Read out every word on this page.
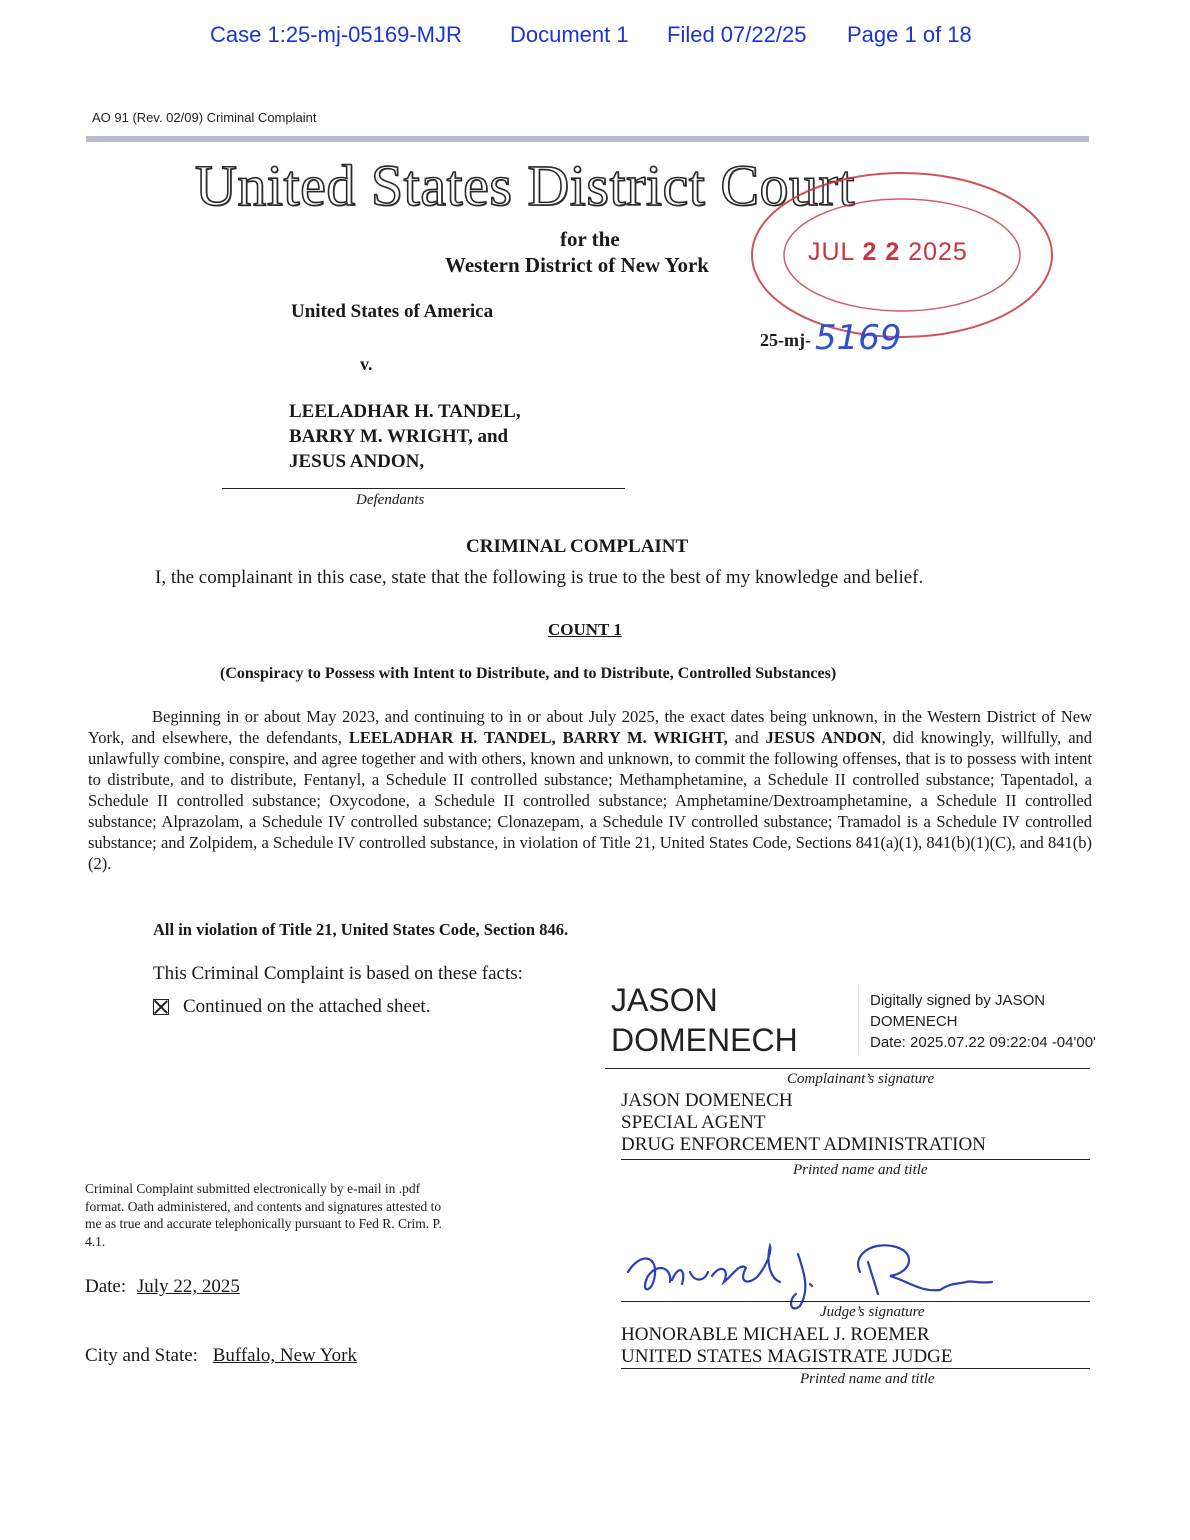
Case 1:25-mj-05169-MJR Document 1 Filed 07/22/25 Page 1 of 18
AO 91 (Rev. 02/09) Criminal Complaint
United States District Court
for the
Western District of New York	JUL 2 2 2025
United States of America
v.
25-mj- 5169
LEELADHAR H. TANDEL,
BARRY M. WRIGHT, and
JESUS ANDON,
Defendants
CRIMINAL COMPLAINT
I, the complainant in this case, state that the following is true to the best of my knowledge and belief.
COUNT 1
(Conspiracy to Possess with Intent to Distribute, and to Distribute, Controlled Substances)
Beginning in or about May 2023, and continuing to in or about July 2025, the exact dates being unknown, in the Western District of New York, and elsewhere, the defendants, LEELADHAR H. TANDEL, BARRY M. WRIGHT, and JESUS ANDON, did knowingly, willfully, and unlawfully combine, conspire, and agree together and with others, known and unknown, to commit the following offenses, that is to possess with intent to distribute, and to distribute, Fentanyl, a Schedule II controlled substance; Methamphetamine, a Schedule II controlled substance; Tapentadol, a Schedule II controlled substance; Oxycodone, a Schedule II controlled substance; Amphetamine/Dextroamphetamine, a Schedule II controlled substance; Alprazolam, a Schedule IV controlled substance; Clonazepam, a Schedule IV controlled substance; Tramadol is a Schedule IV controlled substance; and Zolpidem, a Schedule IV controlled substance, in violation of Title 21, United States Code, Sections 841(a)(1), 841(b)(1)(C), and 841(b)(2).
All in violation of Title 21, United States Code, Section 846.
This Criminal Complaint is based on these facts:
Continued on the attached sheet.	JASON
DOMENECH
Digitally signed by JASON DOMENECH
Date: 2025.07.22 09:22:04 -04'00'
Complainant’s signature
JASON DOMENECH
SPECIAL AGENT
DRUG ENFORCEMENT ADMINISTRATION
Printed name and title
Criminal Complaint submitted electronically by e-mail in .pdf format. Oath administered, and contents and signatures attested to me as true and accurate telephonically pursuant to Fed R. Crim. P. 4.1.
Date: July 22, 2025
City and State: Buffalo, New York
Judge’s signature
HONORABLE MICHAEL J. ROEMER
UNITED STATES MAGISTRATE JUDGE
Printed name and title
